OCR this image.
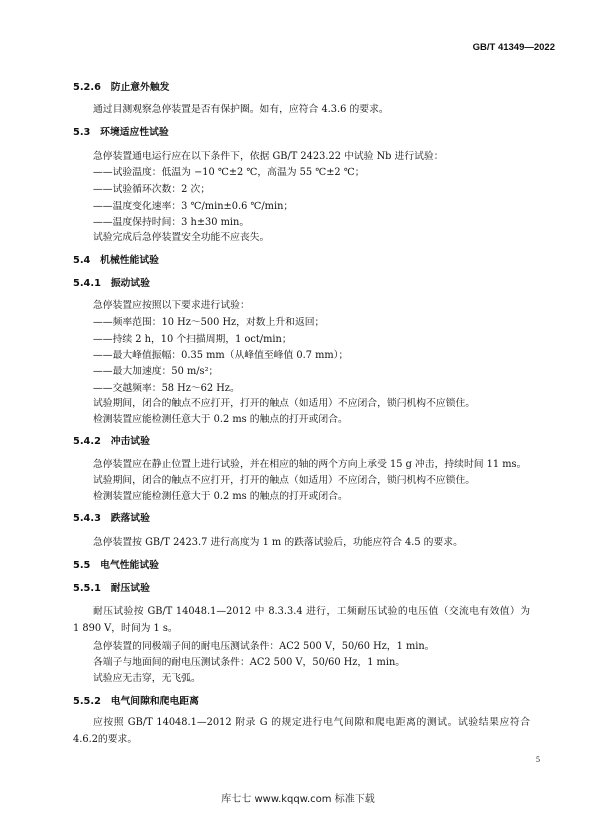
GB/T 41349—2022
5.2.6 防止意外触发
通过目测观察急停装置是否有保护圈。如有，应符合 4.3.6 的要求。
5.3 环境适应性试验
急停装置通电运行应在以下条件下，依据 GB/T 2423.22 中试验 Nb 进行试验：
——试验温度：低温为 −10 ℃±2 ℃，高温为 55 ℃±2 ℃；
——试验循环次数：2 次；
——温度变化速率：3 ℃/min±0.6 ℃/min；
——温度保持时间：3 h±30 min。
试验完成后急停装置安全功能不应丧失。
5.4 机械性能试验
5.4.1 振动试验
急停装置应按照以下要求进行试验：
——频率范围：10 Hz～500 Hz，对数上升和返回；
——持续 2 h，10 个扫描周期，1 oct/min；
——最大峰值振幅：0.35 mm（从峰值至峰值 0.7 mm）；
——最大加速度：50 m/s²；
——交越频率：58 Hz～62 Hz。
试验期间，闭合的触点不应打开，打开的触点（如适用）不应闭合，锁闩机构不应锁住。
检测装置应能检测任意大于 0.2 ms 的触点的打开或闭合。
5.4.2 冲击试验
急停装置应在静止位置上进行试验，并在相应的轴的两个方向上承受 15 g 冲击，持续时间 11 ms。
试验期间，闭合的触点不应打开，打开的触点（如适用）不应闭合，锁闩机构不应锁住。
检测装置应能检测任意大于 0.2 ms 的触点的打开或闭合。
5.4.3 跌落试验
急停装置按 GB/T 2423.7 进行高度为 1 m 的跌落试验后，功能应符合 4.5 的要求。
5.5 电气性能试验
5.5.1 耐压试验
耐压试验按 GB/T 14048.1—2012 中 8.3.3.4 进行，工频耐压试验的电压值（交流电有效值）为 1 890 V，时间为 1 s。
急停装置的同极端子间的耐电压测试条件：AC2 500 V，50/60 Hz，1 min。
各端子与地面间的耐电压测试条件：AC2 500 V，50/60 Hz，1 min。
试验应无击穿，无飞弧。
5.5.2 电气间隙和爬电距离
应按照 GB/T 14048.1—2012 附录 G 的规定进行电气间隙和爬电距离的测试。试验结果应符合 4.6.2的要求。
5
库七七 www.kqqw.com 标准下载
